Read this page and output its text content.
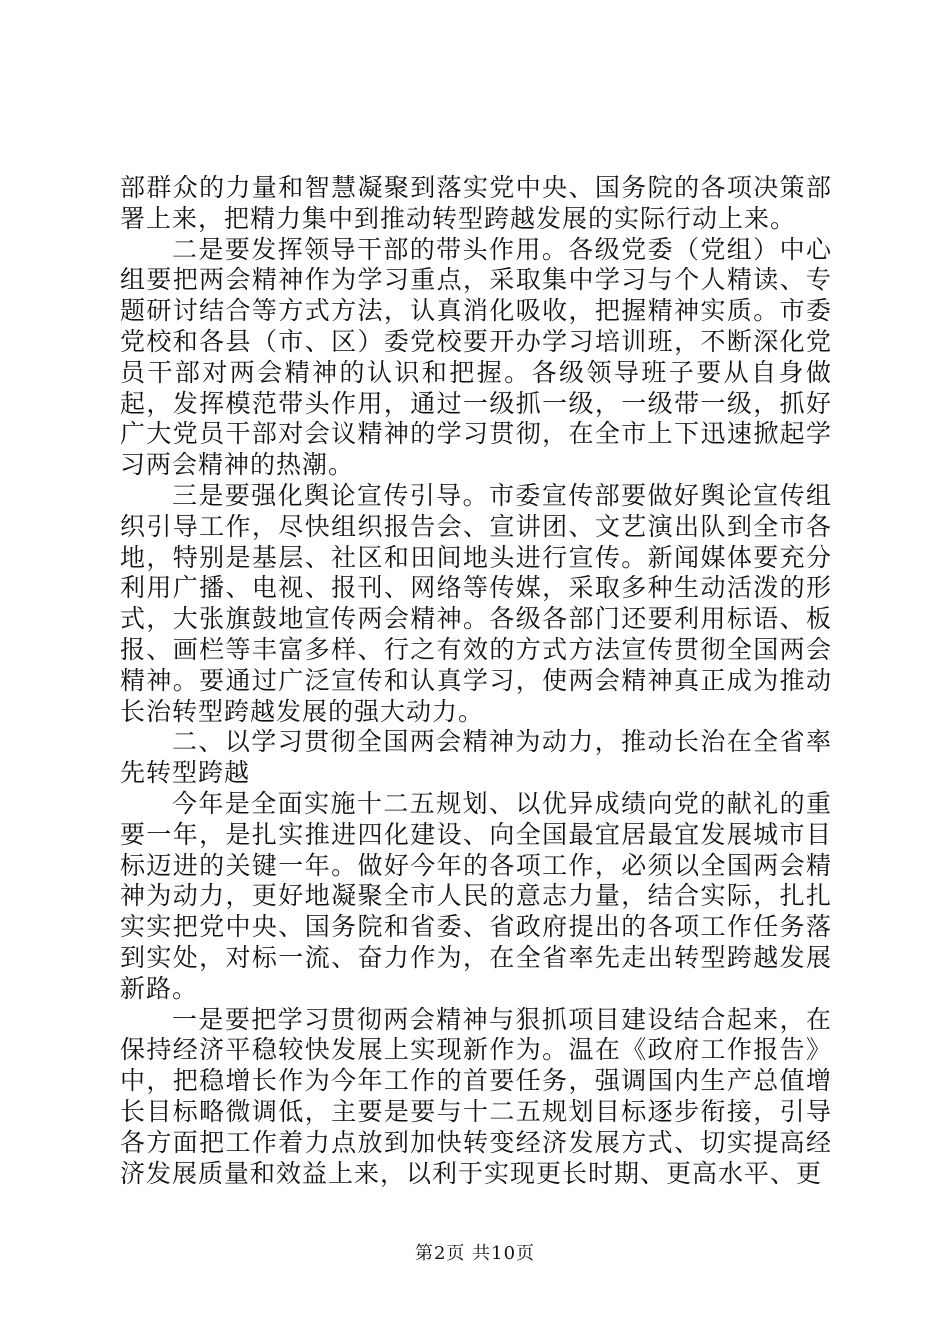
部群众的力量和智慧凝聚到落实党中央、国务院的各项决策部署上来，把精力集中到推动转型跨越发展的实际行动上来。

二是要发挥领导干部的带头作用。各级党委（党组）中心组要把两会精神作为学习重点，采取集中学习与个人精读、专题研讨结合等方式方法，认真消化吸收，把握精神实质。市委党校和各县（市、区）委党校要开办学习培训班，不断深化党员干部对两会精神的认识和把握。各级领导班子要从自身做起，发挥模范带头作用，通过一级抓一级，一级带一级，抓好广大党员干部对会议精神的学习贯彻，在全市上下迅速掀起学习两会精神的热潮。

三是要强化舆论宣传引导。市委宣传部要做好舆论宣传组织引导工作，尽快组织报告会、宣讲团、文艺演出队到全市各地，特别是基层、社区和田间地头进行宣传。新闻媒体要充分利用广播、电视、报刊、网络等传媒，采取多种生动活泼的形式，大张旗鼓地宣传两会精神。各级各部门还要利用标语、板报、画栏等丰富多样、行之有效的方式方法宣传贯彻全国两会精神。要通过广泛宣传和认真学习，使两会精神真正成为推动长治转型跨越发展的强大动力。

二、以学习贯彻全国两会精神为动力，推动长治在全省率先转型跨越

今年是全面实施十二五规划、以优异成绩向党的献礼的重要一年，是扎实推进四化建设、向全国最宜居最宜发展城市目标迈进的关键一年。做好今年的各项工作，必须以全国两会精神为动力，更好地凝聚全市人民的意志力量，结合实际，扎扎实实把党中央、国务院和省委、省政府提出的各项工作任务落到实处，对标一流、奋力作为，在全省率先走出转型跨越发展新路。

一是要把学习贯彻两会精神与狠抓项目建设结合起来，在保持经济平稳较快发展上实现新作为。温在《政府工作报告》中，把稳增长作为今年工作的首要任务，强调国内生产总值增长目标略微调低，主要是要与十二五规划目标逐步衔接，引导各方面把工作着力点放到加快转变经济发展方式、切实提高经济发展质量和效益上来，以利于实现更长时期、更高水平、更

第2页 共10页
